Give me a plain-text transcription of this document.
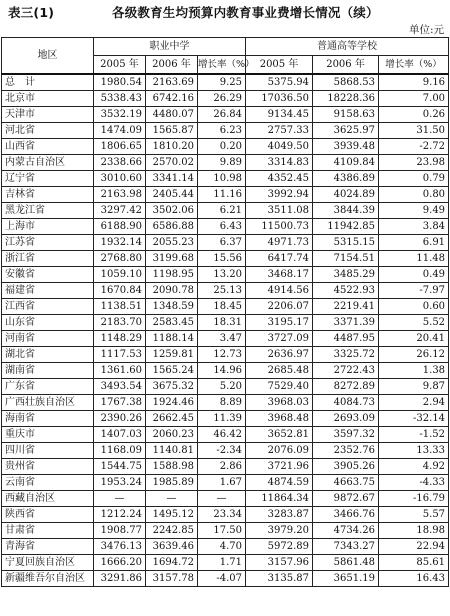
表三(1)	各级教育生均预算内教育事业费增长情况（续）
单位:元
地区	职业中学			普通高等学校		
	2005 年	2006 年	增长率（%）	2005 年	2006 年	增长率（%）
总　计	1980.54	2163.69	9.25	5375.94	5868.53	9.16
北京市	5338.43	6742.16	26.29	17036.50	18228.36	7.00
天津市	3532.19	4480.07	26.84	9134.45	9158.63	0.26
河北省	1474.09	1565.87	6.23	2757.33	3625.97	31.50
山西省	1806.65	1810.20	0.20	4049.50	3939.48	-2.72
内蒙古自治区	2338.66	2570.02	9.89	3314.83	4109.84	23.98
辽宁省	3010.60	3341.14	10.98	4352.45	4386.89	0.79
吉林省	2163.98	2405.44	11.16	3992.94	4024.89	0.80
黑龙江省	3297.42	3502.06	6.21	3511.08	3844.39	9.49
上海市	6188.90	6586.88	6.43	11500.73	11942.85	3.84
江苏省	1932.14	2055.23	6.37	4971.73	5315.15	6.91
浙江省	2768.80	3199.68	15.56	6417.74	7154.51	11.48
安徽省	1059.10	1198.95	13.20	3468.17	3485.29	0.49
福建省	1670.84	2090.78	25.13	4914.56	4522.93	-7.97
江西省	1138.51	1348.59	18.45	2206.07	2219.41	0.60
山东省	2183.70	2583.45	18.31	3195.17	3371.39	5.52
河南省	1148.29	1188.14	3.47	3727.09	4487.95	20.41
湖北省	1117.53	1259.81	12.73	2636.97	3325.72	26.12
湖南省	1361.60	1565.24	14.96	2685.48	2722.43	1.38
广东省	3493.54	3675.32	5.20	7529.40	8272.89	9.87
广西壮族自治区	1767.38	1924.46	8.89	3968.03	4084.73	2.94
海南省	2390.26	2662.45	11.39	3968.48	2693.09	-32.14
重庆市	1407.03	2060.23	46.42	3652.81	3597.32	-1.52
四川省	1168.09	1140.81	-2.34	2076.09	2352.76	13.33
贵州省	1544.75	1588.98	2.86	3721.96	3905.26	4.92
云南省	1953.24	1985.89	1.67	4874.59	4663.75	-4.33
西藏自治区	—	—	—	11864.34	9872.67	-16.79
陕西省	1212.24	1495.12	23.34	3283.87	3466.76	5.57
甘肃省	1908.77	2242.85	17.50	3979.20	4734.26	18.98
青海省	3476.13	3639.46	4.70	5972.89	7343.27	22.94
宁夏回族自治区	1666.20	1694.72	1.71	3157.96	5861.48	85.61
新疆维吾尔自治区	3291.86	3157.78	-4.07	3135.87	3651.19	16.43
